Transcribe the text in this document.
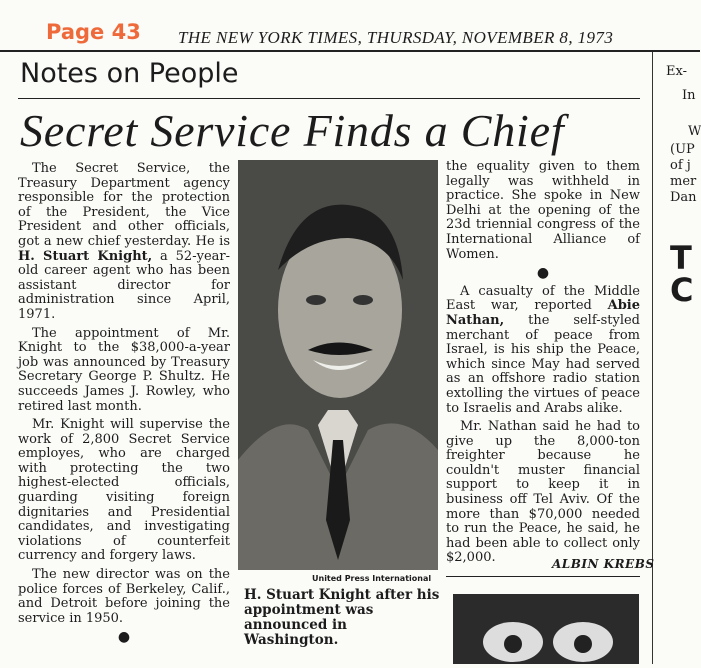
Page 43 THE NEW YORK TIMES, THURSDAY, NOVEMBER 8, 1973
Notes on People
Secret Service Finds a Chief

The Secret Service, the Treasury Department agency responsible for the protection of the President, the Vice President and other officials, got a new chief yesterday. He is H. Stuart Knight, a 52-year-old career agent who has been assistant director for administration since April, 1971.

The appointment of Mr. Knight to the $38,000-a-year job was announced by Treasury Secretary George P. Shultz. He succeeds James J. Rowley, who retired last month.

Mr. Knight will supervise the work of 2,800 Secret Service employes, who are charged with protecting the two highest-elected officials, guarding visiting foreign dignitaries and Presidential candidates, and investigating violations of counterfeit currency and forgery laws.

The new director was on the police forces of Berkeley, Calif., and Detroit before joining the service in 1950.

●
United Press International
H. Stuart Knight after his appointment was announced in Washington.

the equality given to them legally was withheld in practice. She spoke in New Delhi at the opening of the 23d triennial congress of the International Alliance of Women.

●

A casualty of the Middle East war, reported Abie Nathan, the self-styled merchant of peace from Israel, is his ship the Peace, which since May had served as an offshore radio station extolling the virtues of peace to Israelis and Arabs alike.

Mr. Nathan said he had to give up the 8,000-ton freighter because he couldn't muster financial support to keep it in business off Tel Aviv. Of the more than $70,000 needed to run the Peace, he said, he had been able to collect only $2,000.	ALBIN KREBS
Ex-
In
W
(UP
of j
mer
Dan
T
C
